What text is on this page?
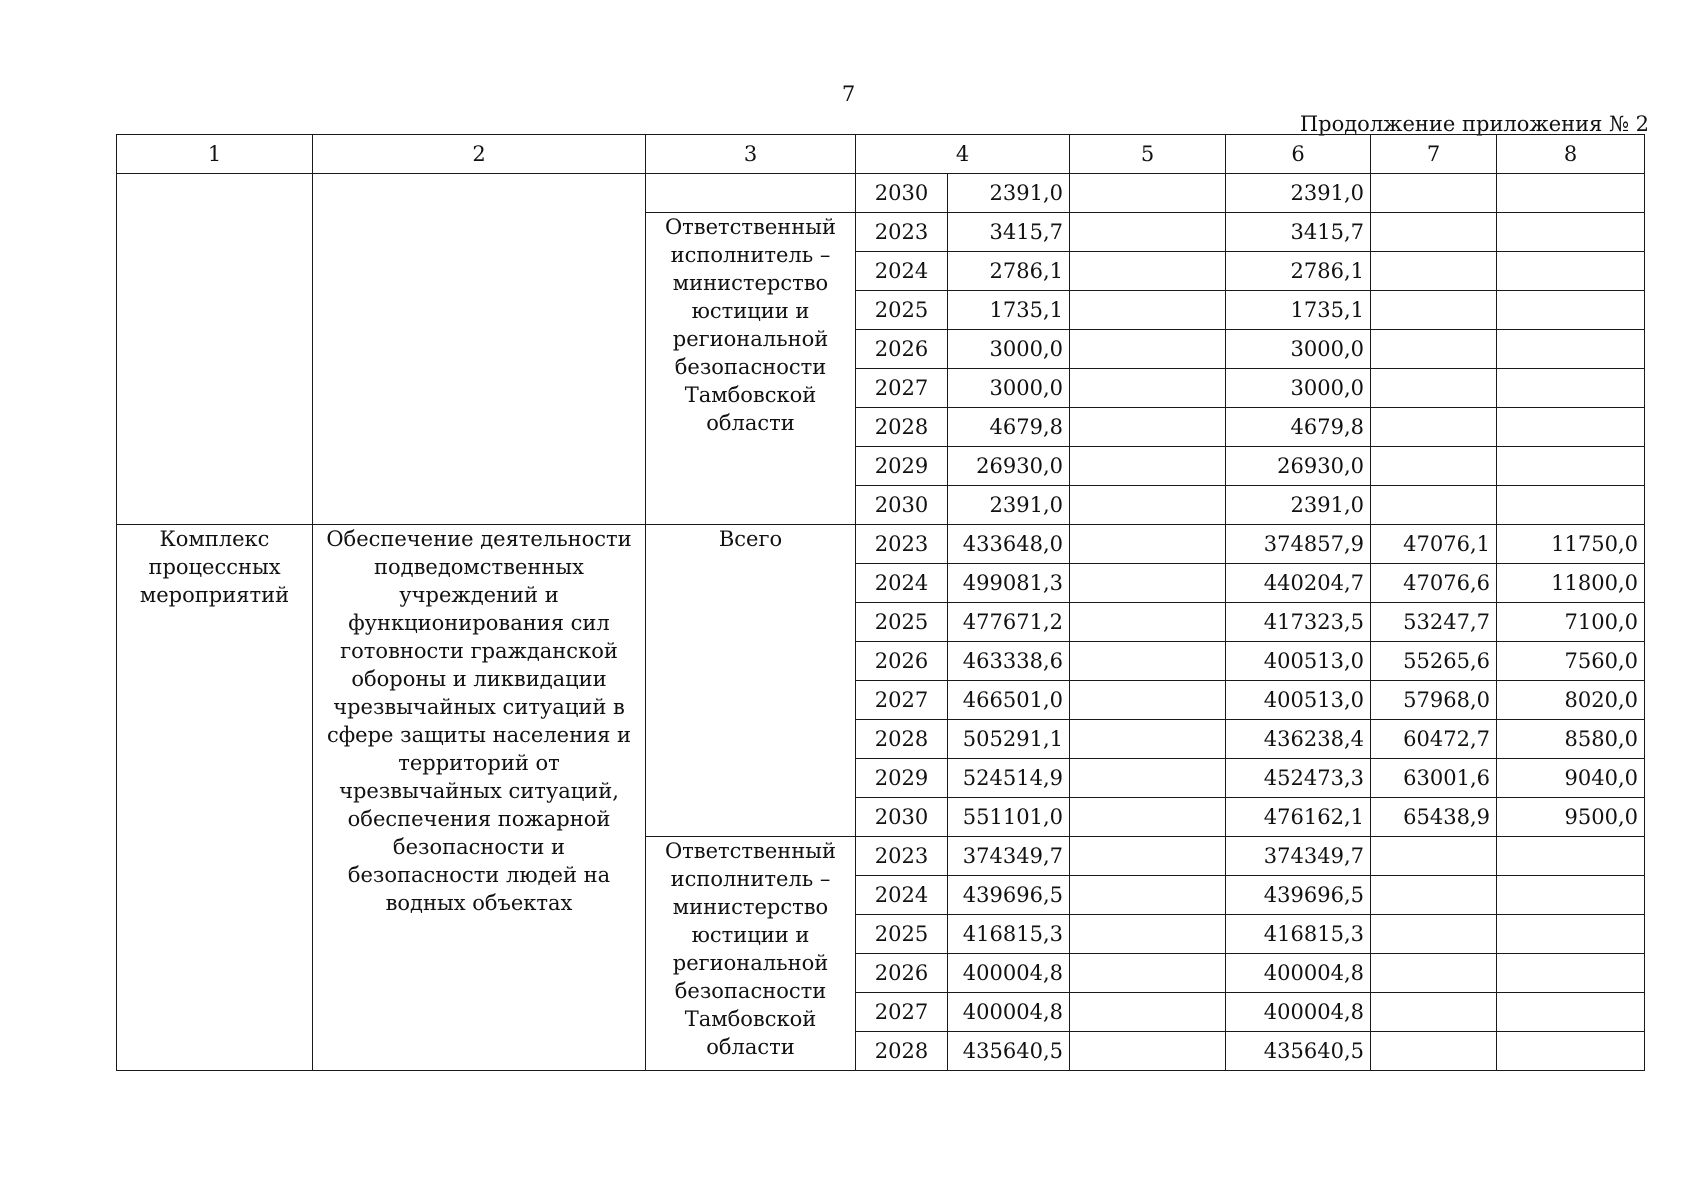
7
Продолжение приложения № 2
1	2	3	4		5	6	7	8
			2030	2391,0		2391,0		
		Ответственный исполнитель – министерство юстиции и региональной безопасности Тамбовской области	2023	3415,7		3415,7		
			2024	2786,1		2786,1		
			2025	1735,1		1735,1		
			2026	3000,0		3000,0		
			2027	3000,0		3000,0		
			2028	4679,8		4679,8		
			2029	26930,0		26930,0		
			2030	2391,0		2391,0		
Комплекс процессных мероприятий	Обеспечение деятельности подведомственных учреждений и функционирования сил готовности гражданской обороны и ликвидации чрезвычайных ситуаций в сфере защиты населения и территорий от чрезвычайных ситуаций, обеспечения пожарной безопасности и безопасности людей на водных объектах	Всего	2023	433648,0		374857,9	47076,1	11750,0
			2024	499081,3		440204,7	47076,6	11800,0
			2025	477671,2		417323,5	53247,7	7100,0
			2026	463338,6		400513,0	55265,6	7560,0
			2027	466501,0		400513,0	57968,0	8020,0
			2028	505291,1		436238,4	60472,7	8580,0
			2029	524514,9		452473,3	63001,6	9040,0
			2030	551101,0		476162,1	65438,9	9500,0
		Ответственный исполнитель – министерство юстиции и региональной безопасности Тамбовской области	2023	374349,7		374349,7		
			2024	439696,5		439696,5		
			2025	416815,3		416815,3		
			2026	400004,8		400004,8		
			2027	400004,8		400004,8		
			2028	435640,5		435640,5		
